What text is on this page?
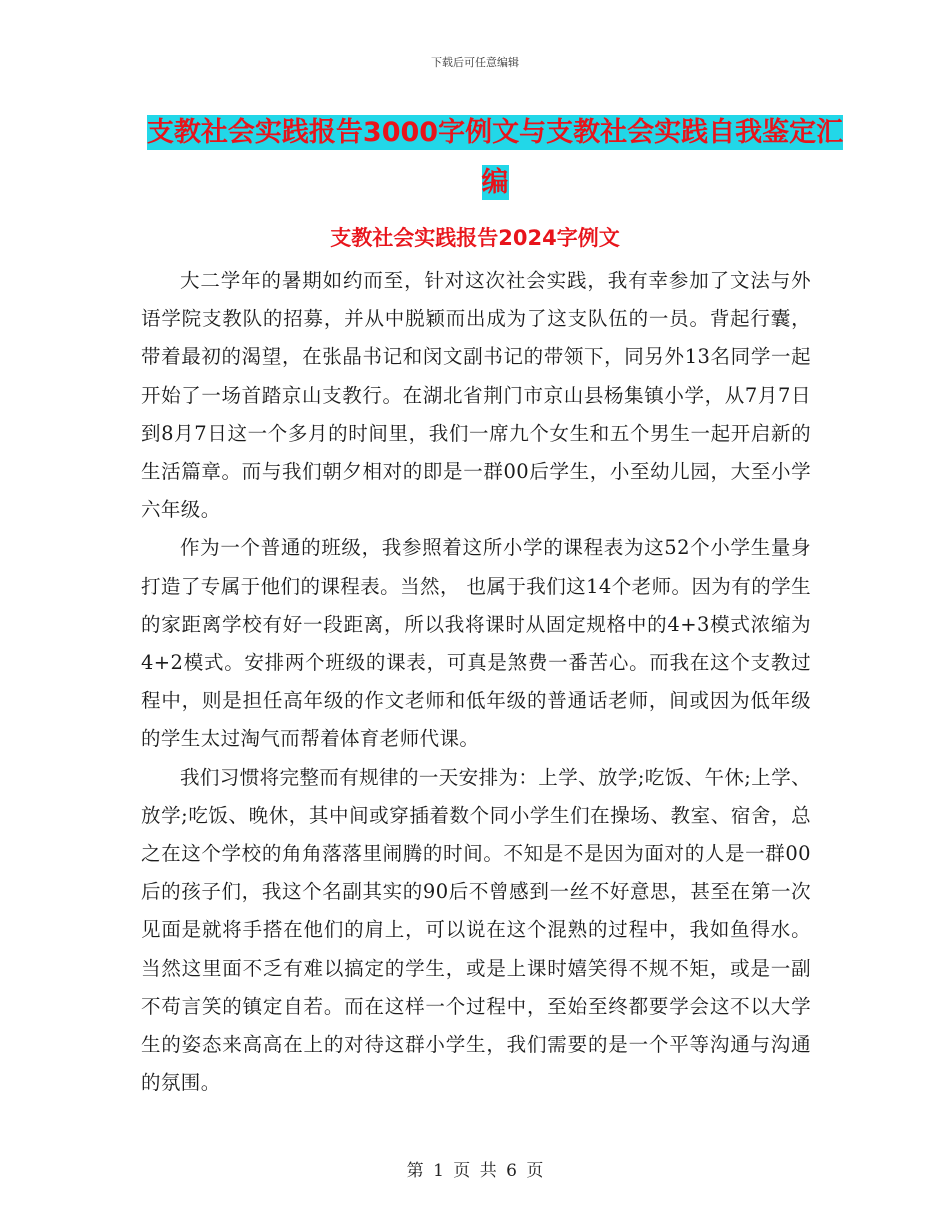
下载后可任意编辑
支教社会实践报告3000字例文与支教社会实践自我鉴定汇编
支教社会实践报告2024字例文

大二学年的暑期如约而至，针对这次社会实践，我有幸参加了文法与外语学院支教队的招募，并从中脱颖而出成为了这支队伍的一员。背起行囊，带着最初的渴望，在张晶书记和闵文副书记的带领下，同另外13名同学一起开始了一场首踏京山支教行。在湖北省荆门市京山县杨集镇小学，从7月7日到8月7日这一个多月的时间里，我们一席九个女生和五个男生一起开启新的生活篇章。而与我们朝夕相对的即是一群00后学生，小至幼儿园，大至小学六年级。

作为一个普通的班级，我参照着这所小学的课程表为这52个小学生量身打造了专属于他们的课程表。当然， 也属于我们这14个老师。因为有的学生的家距离学校有好一段距离，所以我将课时从固定规格中的4+3模式浓缩为4+2模式。安排两个班级的课表，可真是煞费一番苦心。而我在这个支教过程中，则是担任高年级的作文老师和低年级的普通话老师，间或因为低年级的学生太过淘气而帮着体育老师代课。

我们习惯将完整而有规律的一天安排为：上学、放学;吃饭、午休;上学、放学;吃饭、晚休，其中间或穿插着数个同小学生们在操场、教室、宿舍，总之在这个学校的角角落落里闹腾的时间。不知是不是因为面对的人是一群00后的孩子们，我这个名副其实的90后不曾感到一丝不好意思，甚至在第一次见面是就将手搭在他们的肩上，可以说在这个混熟的过程中，我如鱼得水。当然这里面不乏有难以搞定的学生，或是上课时嬉笑得不规不矩，或是一副不苟言笑的镇定自若。而在这样一个过程中，至始至终都要学会这不以大学生的姿态来高高在上的对待这群小学生，我们需要的是一个平等沟通与沟通的氛围。

第 1 页 共 6 页
